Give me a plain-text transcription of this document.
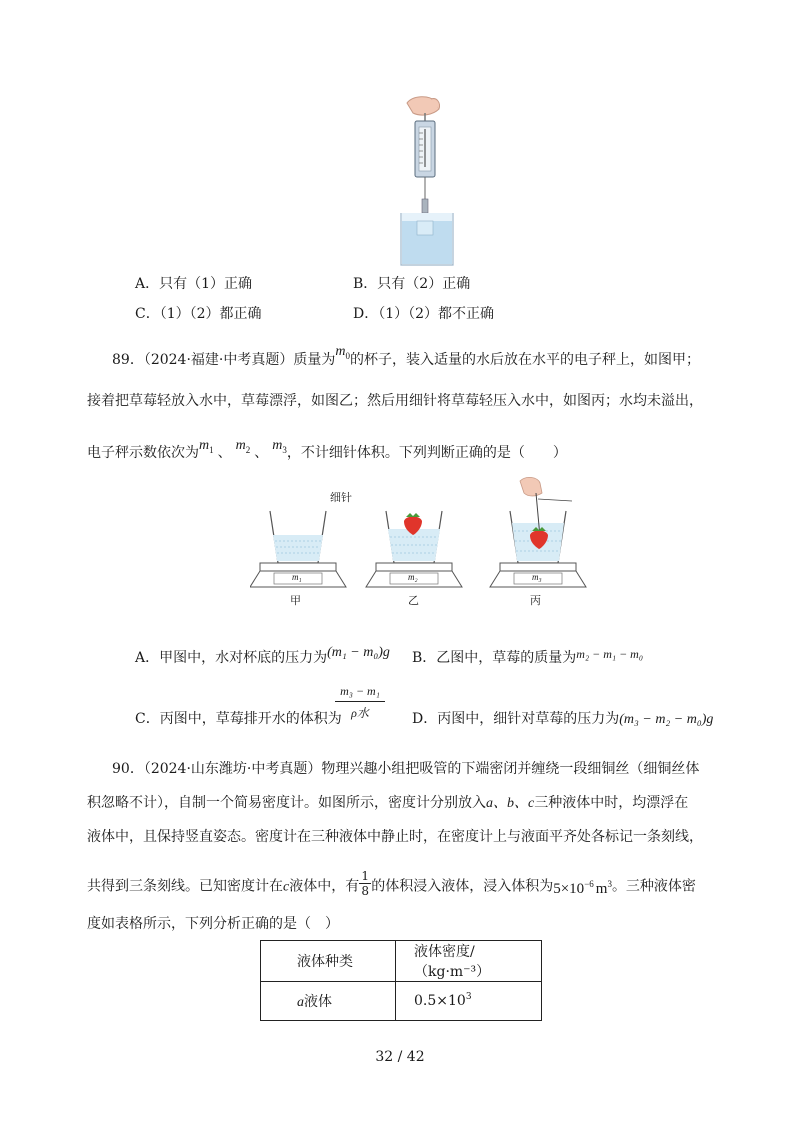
A．只有（1）正确	B．只有（2）正确
C．（1）（2）都正确	D．（1）（2）都不正确
89．（2024·福建·中考真题）质量为$m_0$的杯子，装入适量的水后放在水平的电子秤上，如图甲；
接着把草莓轻放入水中，草莓漂浮，如图乙；然后用细针将草莓轻压入水中，如图丙；水均未溢出，
电子秤示数依次为$m_1$ 、 $m_2$ 、 $m_3$，不计细针体积。下列判断正确的是（　　）
细针
m₁	m₂	m₃
甲	乙	丙
A．甲图中，水对杯底的压力为(m₁ − m₀)g B．乙图中，草莓的质量为m₂ − m₁ − m₀
C．丙图中，草莓排开水的体积为
m₃ − m₁
ρ水	D．丙图中，细针对草莓的压力为(m₃ − m₂ − m₀)g
90．（2024·山东潍坊·中考真题）物理兴趣小组把吸管的下端密闭并缠绕一段细铜丝（细铜丝体
积忽略不计），自制一个简易密度计。如图所示，密度计分别放入a、b、c三种液体中时，均漂浮在
液体中，且保持竖直姿态。密度计在三种液体中静止时，在密度计上与液面平齐处各标记一条刻线，
共得到三条刻线。已知密度计在c液体中，有 $\frac{1}{8}$ 的体积浸入液体，浸入体积为$5\times 10^{-6}$ $m^3$。三种液体密
度如表格所示，下列分析正确的是（　）
液体种类	液体密度/（kg·m⁻³）
a液体	$0.5\times 10^3$
32 / 42
